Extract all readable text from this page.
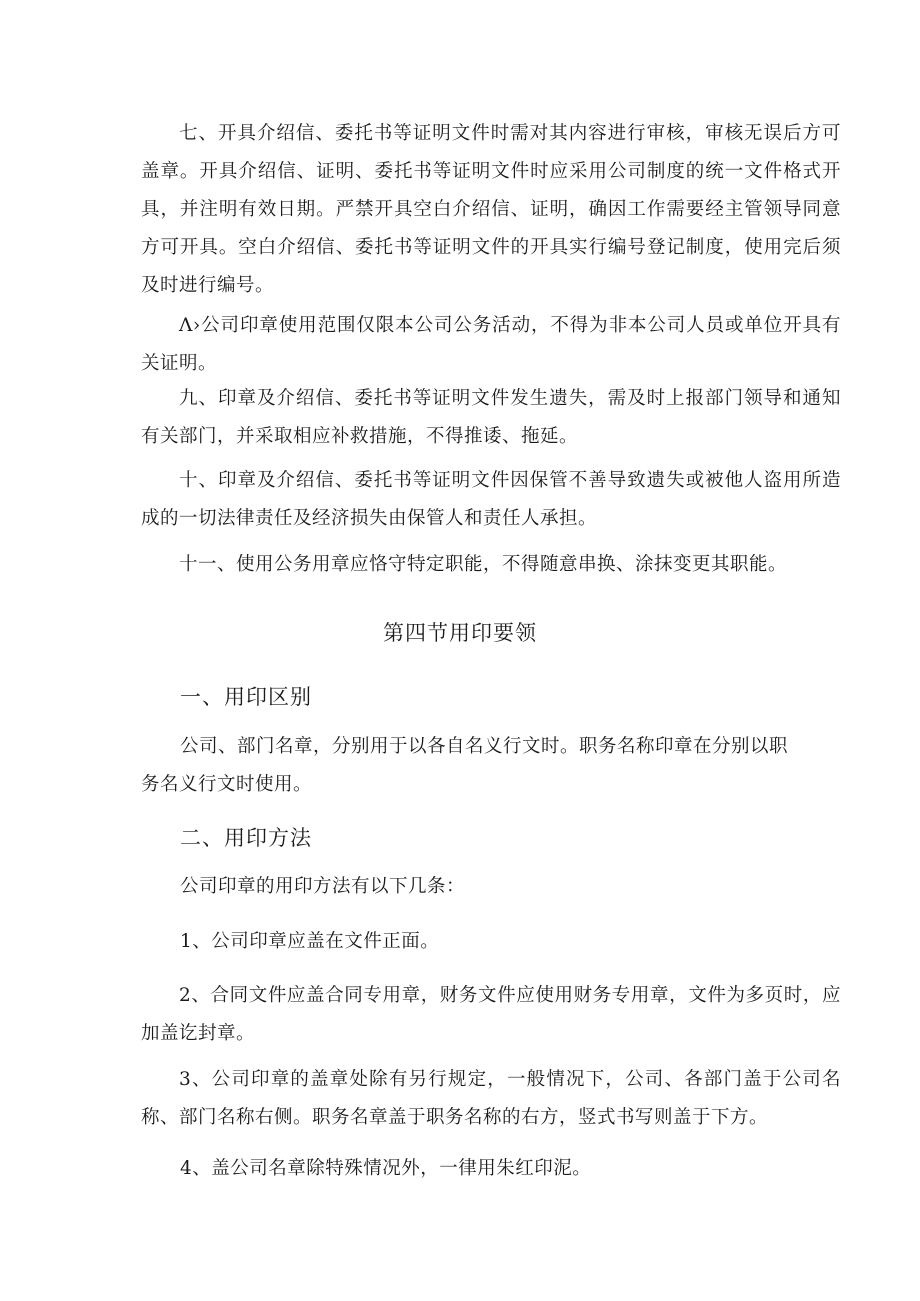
七、开具介绍信、委托书等证明文件时需对其内容进行审核，审核无误后方可盖章。开具介绍信、证明、委托书等证明文件时应采用公司制度的统一文件格式开具，并注明有效日期。严禁开具空白介绍信、证明，确因工作需要经主管领导同意方可开具。空白介绍信、委托书等证明文件的开具实行编号登记制度，使用完后须及时进行编号。

Λ›公司印章使用范围仅限本公司公务活动，不得为非本公司人员或单位开具有关证明。

九、印章及介绍信、委托书等证明文件发生遗失，需及时上报部门领导和通知有关部门，并采取相应补救措施，不得推诿、拖延。

十、印章及介绍信、委托书等证明文件因保管不善导致遗失或被他人盗用所造成的一切法律责任及经济损失由保管人和责任人承担。

十一、使用公务用章应恪守特定职能，不得随意串换、涂抹变更其职能。

第四节用印要领
一、用印区别

公司、部门名章，分别用于以各自名义行文时。职务名称印章在分别以职

务名义行文时使用。

二、用印方法

公司印章的用印方法有以下几条：

1、公司印章应盖在文件正面。

2、合同文件应盖合同专用章，财务文件应使用财务专用章，文件为多页时，应加盖讫封章。

3、公司印章的盖章处除有另行规定，一般情况下，公司、各部门盖于公司名称、部门名称右侧。职务名章盖于职务名称的右方，竖式书写则盖于下方。

4、盖公司名章除特殊情况外，一律用朱红印泥。
